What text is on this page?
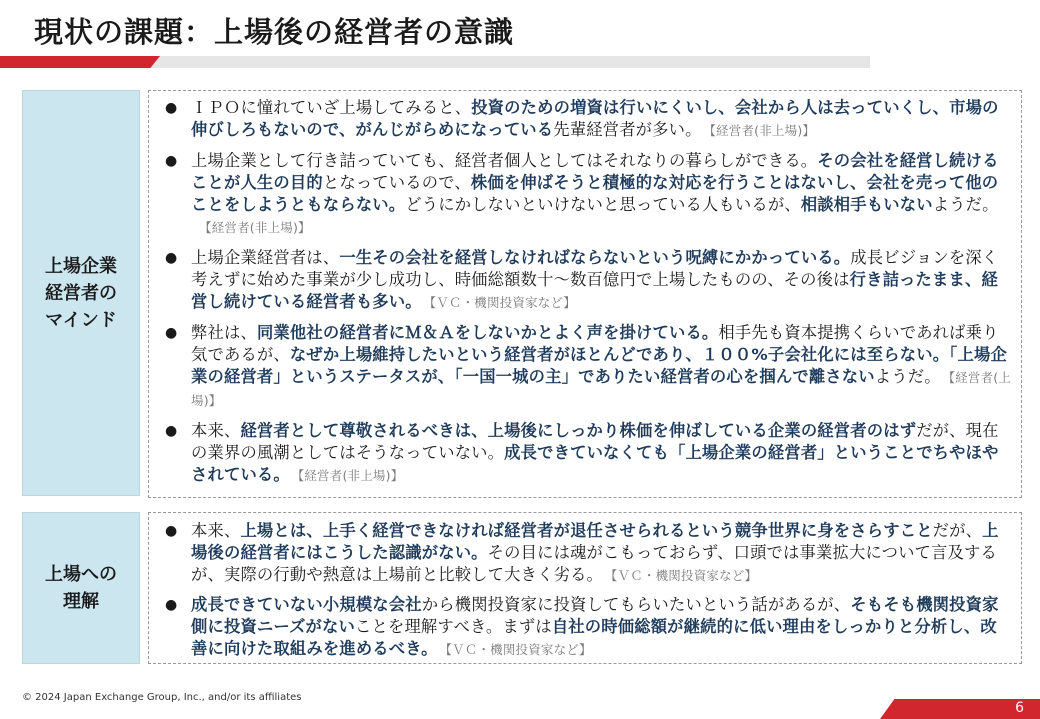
現状の課題：上場後の経営者の意識
上場企業
経営者の
マインド
● ＩＰＯに憧れていざ上場してみると、投資のための増資は行いにくいし、会社から人は去っていくし、市場の伸びしろもないので、がんじがらめになっている先輩経営者が多い。 【経営者(非上場)】
● 上場企業として行き詰っていても、経営者個人としてはそれなりの暮らしができる。その会社を経営し続けることが人生の目的となっているので、株価を伸ばそうと積極的な対応を行うことはないし、会社を売って他のことをしようともならない。どうにかしないといけないと思っている人もいるが、相談相手もいないようだ。【経営者(非上場)】
● 上場企業経営者は、一生その会社を経営しなければならないという呪縛にかかっている。成長ビジョンを深く考えずに始めた事業が少し成功し、時価総額数十～数百億円で上場したものの、その後は行き詰ったまま、経営し続けている経営者も多い。 【ＶＣ・機関投資家など】
● 弊社は、同業他社の経営者にＭ＆Ａをしないかとよく声を掛けている。相手先も資本提携くらいであれば乗り気であるが、なぜか上場維持したいという経営者がほとんどであり、１００%子会社化には至らない。「上場企業の経営者」というステータスが、「一国一城の主」でありたい経営者の心を掴んで離さないようだ。 【経営者(上場)】
● 本来、経営者として尊敬されるべきは、上場後にしっかり株価を伸ばしている企業の経営者のはずだが、現在の業界の風潮としてはそうなっていない。成長できていなくても「上場企業の経営者」ということでちやほやされている。 【経営者(非上場)】
上場への
理解
● 本来、上場とは、上手く経営できなければ経営者が退任させられるという競争世界に身をさらすことだが、上場後の経営者にはこうした認識がない。その目には魂がこもっておらず、口頭では事業拡大について言及するが、実際の行動や熱意は上場前と比較して大きく劣る。 【ＶＣ・機関投資家など】
● 成長できていない小規模な会社から機関投資家に投資してもらいたいという話があるが、そもそも機関投資家側に投資ニーズがないことを理解すべき。まずは自社の時価総額が継続的に低い理由をしっかりと分析し、改善に向けた取組みを進めるべき。 【ＶＣ・機関投資家など】
© 2024 Japan Exchange Group, Inc., and/or its affiliates
6
